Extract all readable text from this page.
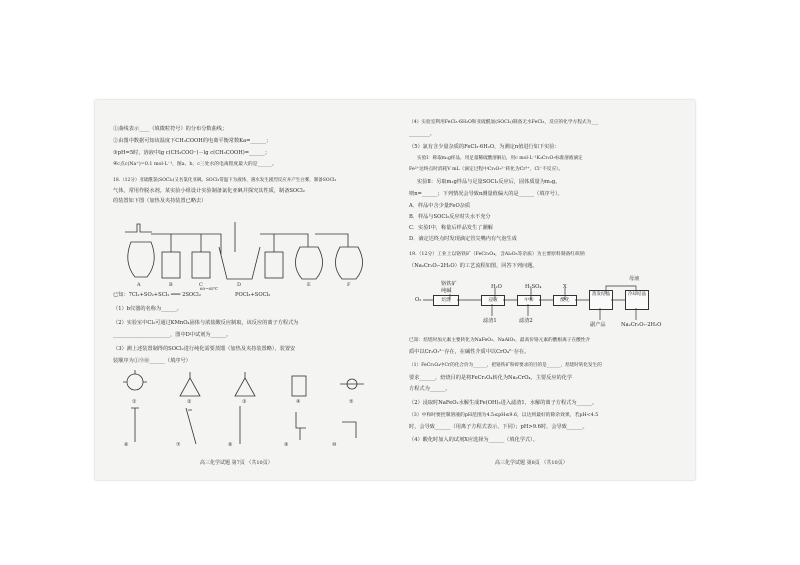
①曲线表示____（填微粒符号）的分布分数曲线；
②由图中数据可知该温度下CH₃COOH的电离平衡常数Ka=______；
③pH=5时，溶液中lg c(CH₃COO⁻)－lg c(CH₃COOH)=______；
④c点c(Na⁺)=0.1 mol·L⁻¹，图a、b、c三处水的电离程度最大的是______。
18.（12分）亚硫酰氯(SOCl₂)又名氯化亚砜。SOCl₂常温下为液体，遇水发生剧烈反应并产生白雾，制备SOCl₂
气体，常用作脱水剂。某实验小组设计实验制备氯化亚砜并探究其性质，制备SOCl₂
的装置如下图（加热及夹持装置已略去）
A	B	C	D	E	F
已知：7Cl₂+SO₂+SCl₂ ═══ 2SOCl₂
60~65℃
POCl₃+SOCl₂
（1）b仪器的名称为______。
（2）实验室中Cl₂可通过KMnO₄固体与浓盐酸反应制取，该反应的离子方程式为
______________________，图中D中试剂为______。
（3）测上述装置制得的SOCl₂进行纯化需要蒸馏（加热及夹持装置略），装置安
装顺序为①⑨⑩______（填序号）
①	②	③	④	⑤
⑥	⑦	⑧	⑨	⑩
高三化学试题 第7页 （共10页）
（4）实验室利用FeCl₃·6H₂O和亚硫酰氯(SOCl₂)制备无水FeCl₃，反应的化学方程式为___
________。
（5）氯有含少量杂质的FeCl₃·6H₂O，为测定n值进行如下实验：
实验Ⅰ：称取m₁g样品，用足量稀硫酸溶解后，用c mol·L⁻¹K₂Cr₂O₇标准溶液滴定
Fe²⁺达终点时消耗V mL（滴定过程中Cr₂O₇²⁻转化为Cr³⁺，Cl⁻不反应）。
实验Ⅱ：另取m₁g样品与足量SOCl₂反应后，固体质量为m₂g。
则n=______；下列情况会导致n测量值偏大的是______（填序号）。
A．样品中含少量FeO杂质
B．样品与SOCl₂反应时失水不充分
C．实验Ⅰ中，称量后样品发生了潮解
D．滴定达终点时发现滴定管尖嘴内有气泡生成
19.（12分）工业上以铬铁矿（FeCr₂O₄，含Al₂O₃等杂质）为主要原料制备红矾钠
（Na₂Cr₂O₇·2H₂O）的工艺流程如图，回答下列问题。
O₂
铬铁矿
纯碱
H₂O	H₂SO₄	X
母液
焙烧	浸取	中和	酸化
蒸发结晶	冷却结晶
滤渣1	滤渣2
副产品	Na₂Cr₂O₇·2H₂O
已知：焙烧时加元素主要转化为NaFeO₂、NaAlO₂，最高价铬元素的酸根离子在酸性介
质中以Cr₂O₇²⁻存在，在碱性介质中以CrO₄²⁻存在。
（1）FeCr₂O₄中Cr的化合价为______，把铬铁矿粉碎要求的目的是______，焙烧时转化发生的
要求______，焙烧目的是将FeCr₂O₄转化为Na₂CrO₄，主要反应的化学
方程式为______。
（2）浸取时NaFeO₂水解生成Fe(OH)₃进入滤渣1，水解的离子方程式为______。
（3）中和时要控制溶液的pH范围为4.5≤pH≤9.6，以达到最好的除杂效果，若pH<4.5
时，会导致______（用离子方程式表示，下同）；pH>9.6时，会导致______。
（4）酸化时加入的试剂X应选择为______（填化学式）。
高三化学试题 第8页 （共10页）
